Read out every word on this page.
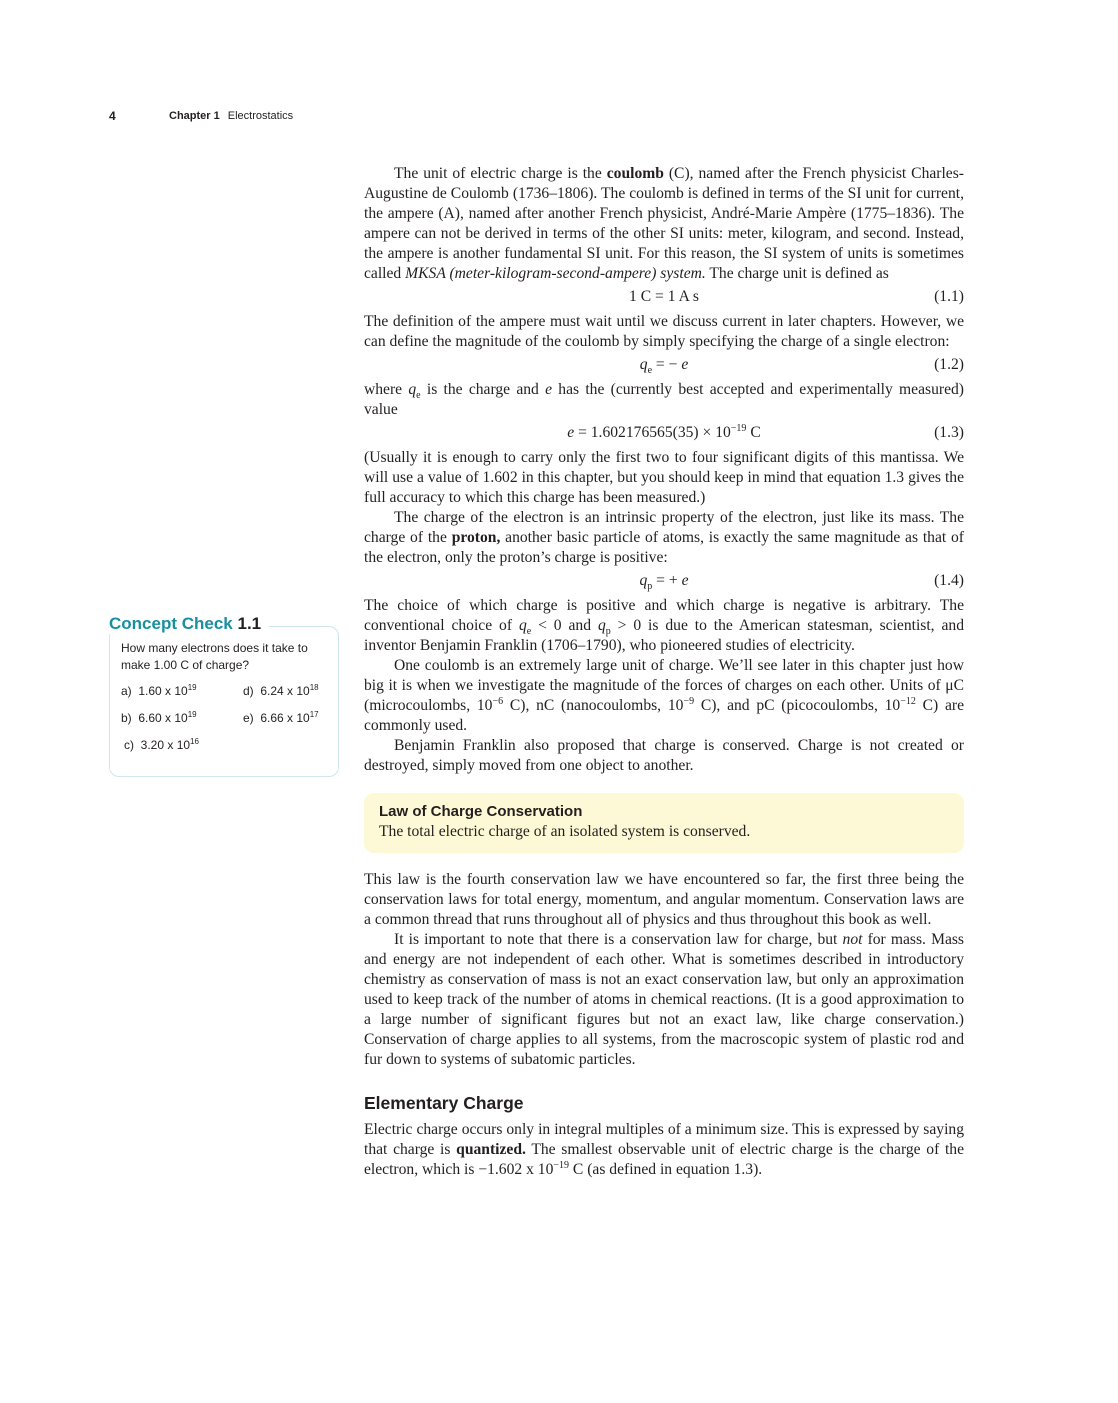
4	Chapter 1 Electrostatics
Concept Check 1.1
How many electrons does it take to make 1.00 C of charge?
a) 1.60 x $10^{19}$	d) 6.24 x $10^{18}$
b) 6.60 x $10^{19}$	e) 6.66 x $10^{17}$
c) 3.20 x $10^{16}$

The unit of electric charge is the coulomb (C), named after the French physicist Charles-Augustine de Coulomb (1736–1806). The coulomb is defined in terms of the SI unit for current, the ampere (A), named after another French physicist, André-Marie Ampère (1775–1836). The ampere can not be derived in terms of the other SI units: meter, kilogram, and second. Instead, the ampere is another fundamental SI unit. For this reason, the SI system of units is sometimes called MKSA (meter-kilogram-second-ampere) system. The charge unit is defined as

1 C = 1 A s	(1.1)

The definition of the ampere must wait until we discuss current in later chapters. However, we can define the magnitude of the coulomb by simply specifying the charge of a single electron:

$q_e$ = − e	(1.2)

where $q_e$ is the charge and e has the (currently best accepted and experimentally measured) value

$e = 1.602176565(35) \times 10^{-19}$ C	(1.3)

(Usually it is enough to carry only the first two to four significant digits of this mantissa. We will use a value of 1.602 in this chapter, but you should keep in mind that equation 1.3 gives the full accuracy to which this charge has been measured.)

The charge of the electron is an intrinsic property of the electron, just like its mass. The charge of the proton, another basic particle of atoms, is exactly the same magnitude as that of the electron, only the proton’s charge is positive:

$q_p$ = + e	(1.4)

The choice of which charge is positive and which charge is negative is arbitrary. The conventional choice of $q_e < 0$ and $q_p > 0$ is due to the American statesman, scientist, and inventor Benjamin Franklin (1706–1790), who pioneered studies of electricity.

One coulomb is an extremely large unit of charge. We’ll see later in this chapter just how big it is when we investigate the magnitude of the forces of charges on each other. Units of μC (microcoulombs, $10^{-6}$ C), nC (nanocoulombs, $10^{-9}$ C), and pC (picocoulombs, $10^{-12}$ C) are commonly used.

Benjamin Franklin also proposed that charge is conserved. Charge is not created or destroyed, simply moved from one object to another.

Law of Charge Conservation
The total electric charge of an isolated system is conserved.

This law is the fourth conservation law we have encountered so far, the first three being the conservation laws for total energy, momentum, and angular momentum. Conservation laws are a common thread that runs throughout all of physics and thus throughout this book as well.

It is important to note that there is a conservation law for charge, but not for mass. Mass and energy are not independent of each other. What is sometimes described in introductory chemistry as conservation of mass is not an exact conservation law, but only an approximation used to keep track of the number of atoms in chemical reactions. (It is a good approximation to a large number of significant figures but not an exact law, like charge conservation.) Conservation of charge applies to all systems, from the macroscopic system of plastic rod and fur down to systems of subatomic particles.

Elementary Charge

Electric charge occurs only in integral multiples of a minimum size. This is expressed by saying that charge is quantized. The smallest observable unit of electric charge is the charge of the electron, which is −1.602 x $10^{-19}$ C (as defined in equation 1.3).
